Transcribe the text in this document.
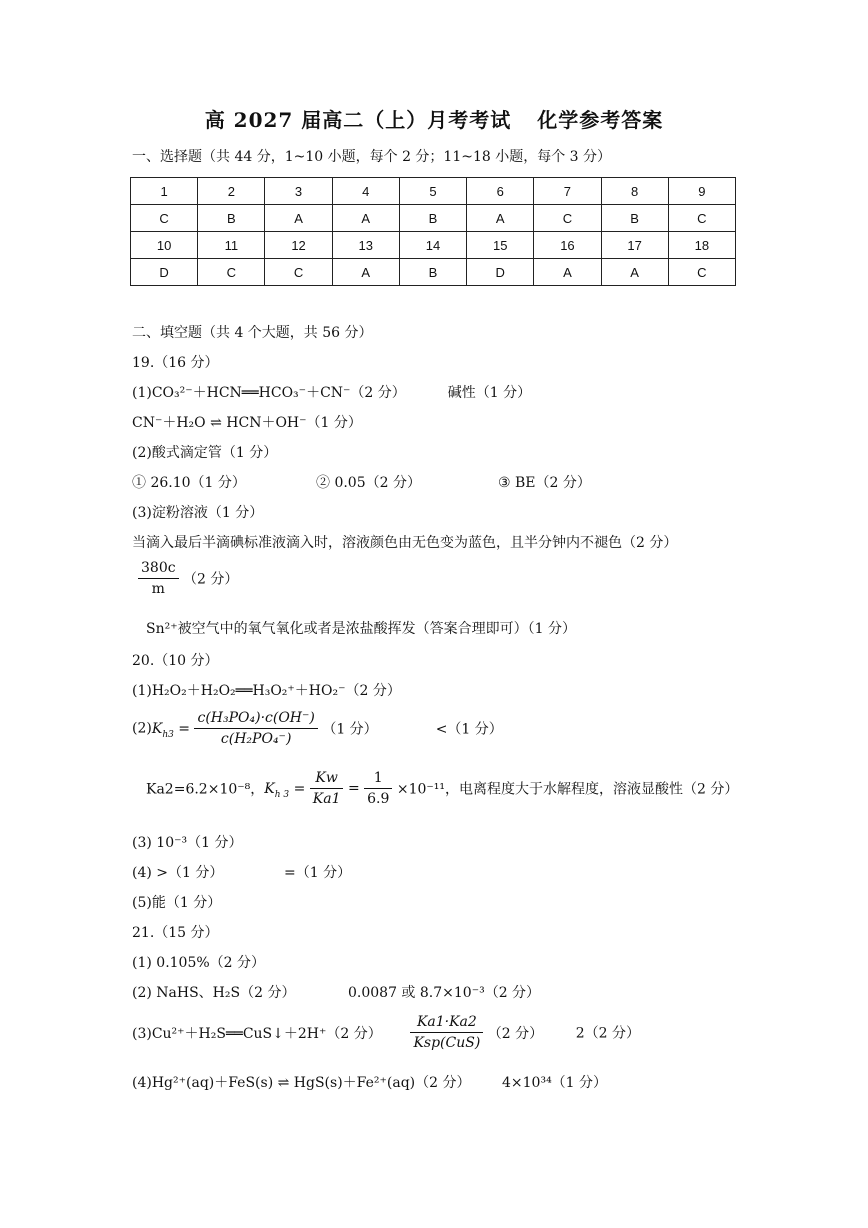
高 2027 届高二（上）月考考试 化学参考答案
一、选择题（共 44 分，1~10 小题，每个 2 分；11~18 小题，每个 3 分）
1	2	3	4	5	6	7	8	9
C	B	A	A	B	A	C	B	C
10	11	12	13	14	15	16	17	18
D	C	C	A	B	D	A	A	C
二、填空题（共 4 个大题，共 56 分）
19.（16 分）
(1)CO₃²⁻＋HCN══HCO₃⁻＋CN⁻（2 分）	碱性（1 分）
CN⁻＋H₂O ⇌ HCN＋OH⁻（1 分）
(2)酸式滴定管（1 分）
① 26.10（1 分）	② 0.05（2 分）	③ BE（2 分）
(3)淀粉溶液（1 分）
当滴入最后半滴碘标准液滴入时，溶液颜色由无色变为蓝色，且半分钟内不褪色（2 分）
$\frac{380c}{m} (2$ 分）
Sn²⁺被空气中的氧气氧化或者是浓盐酸挥发（答案合理即可）（1 分）
20.（10 分）
(1)H₂O₂＋H₂O₂══H₃O₂⁺＋HO₂⁻（2 分）
$(2)K_{h3} = \frac{\text{c(H₃PO₄)·c(OH⁻)}}{\text{c(H₂PO₄⁻)}} (1$ 分）	<（1 分）
Ka2=6.2×10⁻⁸，$K_{h 3} = \frac{Kw}{Ka1} = \frac{1}{6.9} \times 10^{-11}$，电离程度大于水解程度，溶液显酸性（2 分）
(3) 10⁻³（1 分）
(4) >（1 分）	=（1 分）
(5)能（1 分）
21.（15 分）
(1) 0.105%（2 分）
(2) NaHS、H₂S（2 分）	0.0087 或 8.7×10⁻³（2 分）
(3)Cu²⁺＋H₂S══CuS↓＋2H⁺（2 分） $\frac{Ka1\cdot Ka2}{\text{Ksp(CuS)}} (2$ 分） 2（2 分）
(4)Hg²⁺(aq)＋FeS(s) ⇌ HgS(s)＋Fe²⁺(aq)（2 分） 4×10³⁴（1 分）
